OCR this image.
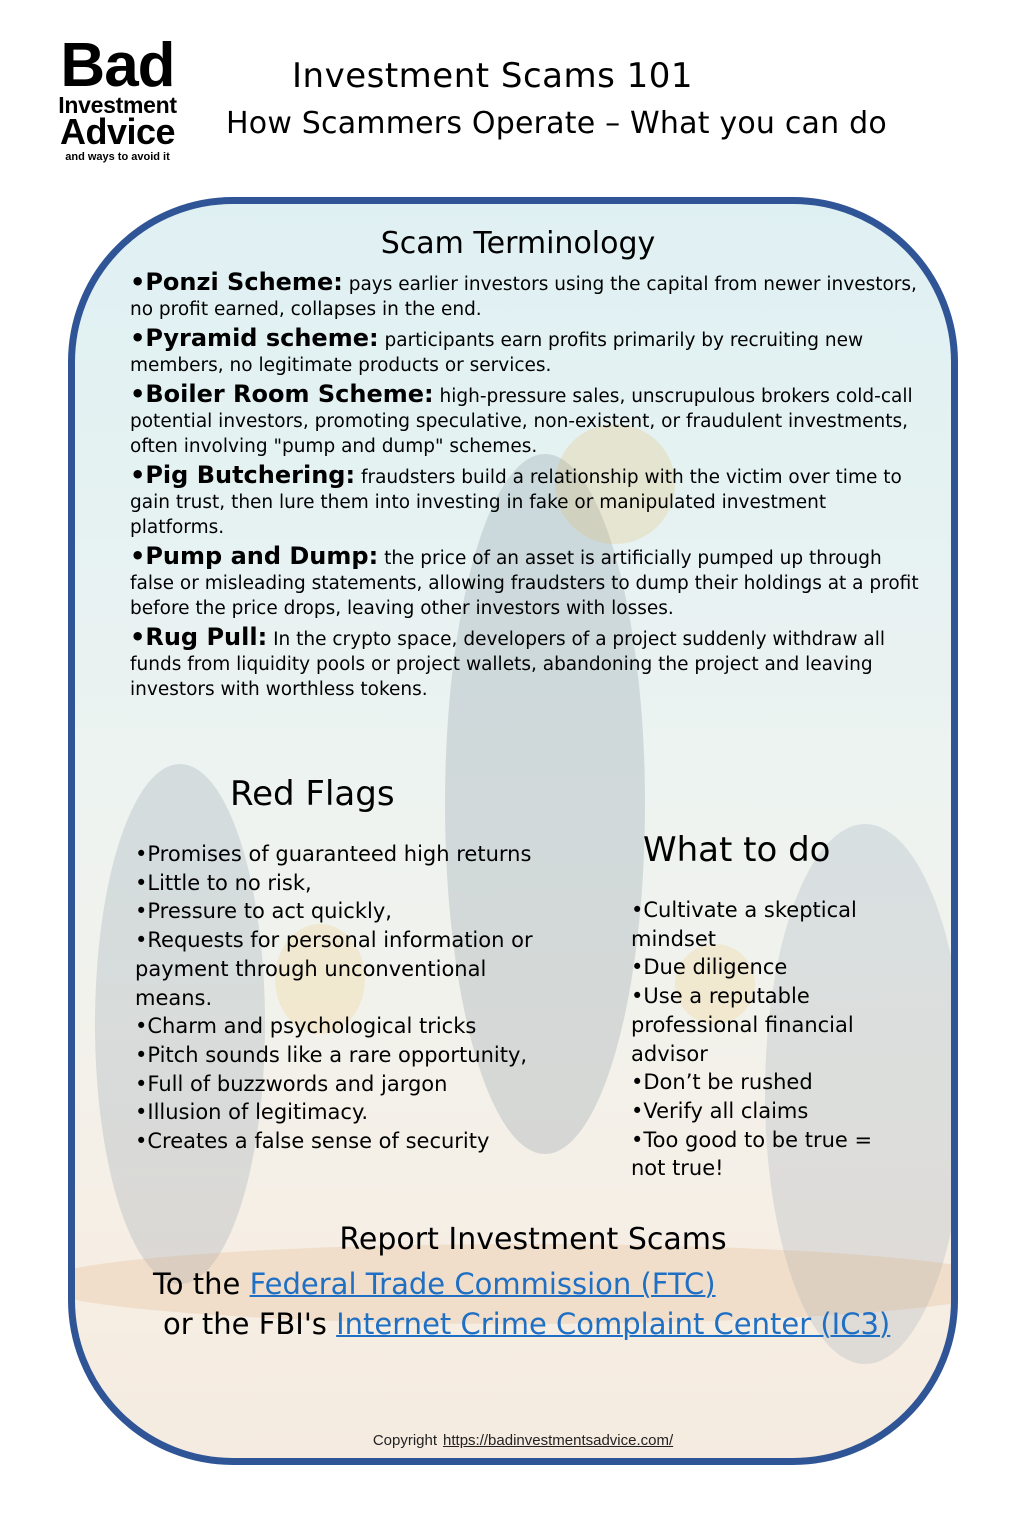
Bad
Investment
Advice
and ways to avoid it
Investment Scams 101
How Scammers Operate – What you can do
Scam Terminology
•Ponzi Scheme: pays earlier investors using the capital from newer investors, no profit earned, collapses in the end.
•Pyramid scheme: participants earn profits primarily by recruiting new members, no legitimate products or services.
•Boiler Room Scheme: high-pressure sales, unscrupulous brokers cold-call potential investors, promoting speculative, non-existent, or fraudulent investments, often involving "pump and dump" schemes.
•Pig Butchering: fraudsters build a relationship with the victim over time to gain trust, then lure them into investing in fake or manipulated investment platforms.
•Pump and Dump: the price of an asset is artificially pumped up through false or misleading statements, allowing fraudsters to dump their holdings at a profit before the price drops, leaving other investors with losses.
•Rug Pull: In the crypto space, developers of a project suddenly withdraw all funds from liquidity pools or project wallets, abandoning the project and leaving investors with worthless tokens.
Red Flags
•Promises of guaranteed high returns
•Little to no risk,
•Pressure to act quickly,
•Requests for personal information or payment through unconventional means.
•Charm and psychological tricks
•Pitch sounds like a rare opportunity,
•Full of buzzwords and jargon
•Illusion of legitimacy.
•Creates a false sense of security
What to do
•Cultivate a skeptical mindset
•Due diligence
•Use a reputable professional financial advisor
•Don’t be rushed
•Verify all claims
•Too good to be true = not true!
Report Investment Scams
To the Federal Trade Commission (FTC)
or the FBI's Internet Crime Complaint Center (IC3)
Copyright https://badinvestmentsadvice.com/
